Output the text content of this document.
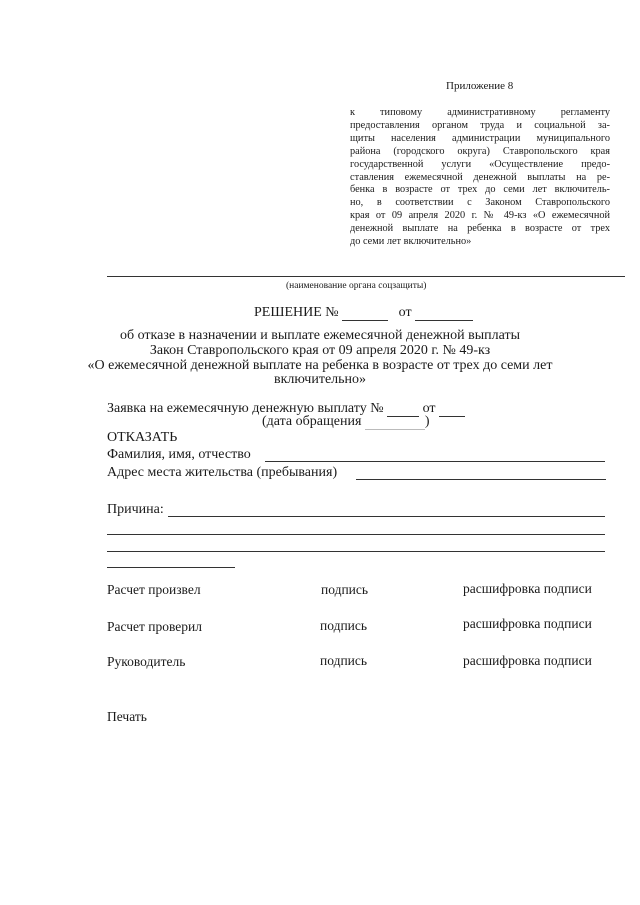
Приложение 8
к типовому административному регламенту
предоставления органом труда и социальной за-
щиты населения администрации муниципального
района (городского округа) Ставропольского края
государственной услуги «Осуществление предо-
ставления ежемесячной денежной выплаты на ре-
бенка в возрасте от трех до семи лет включитель-
но, в соответствии с Законом Ставропольского
края от 09 апреля 2020 г. № 49-кз «О ежемесячной
денежной выплате на ребенка в возрасте от трех
до семи лет включительно»
(наименование органа соцзащиты)
РЕШЕНИЕ №	от
об отказе в назначении и выплате ежемесячной денежной выплаты
Закон Ставропольского края от 09 апреля 2020 г. № 49-кз
«О ежемесячной денежной выплате на ребенка в возрасте от трех до семи лет
включительно»
Заявка на ежемесячную денежную выплату №	от
(дата обращения	)
ОТКАЗАТЬ
Фамилия, имя, отчество
Адрес места жительства (пребывания)
Причина:
Расчет произвел	подпись	расшифровка подписи
Расчет проверил	подпись	расшифровка подписи
Руководитель	подпись	расшифровка подписи
Печать
